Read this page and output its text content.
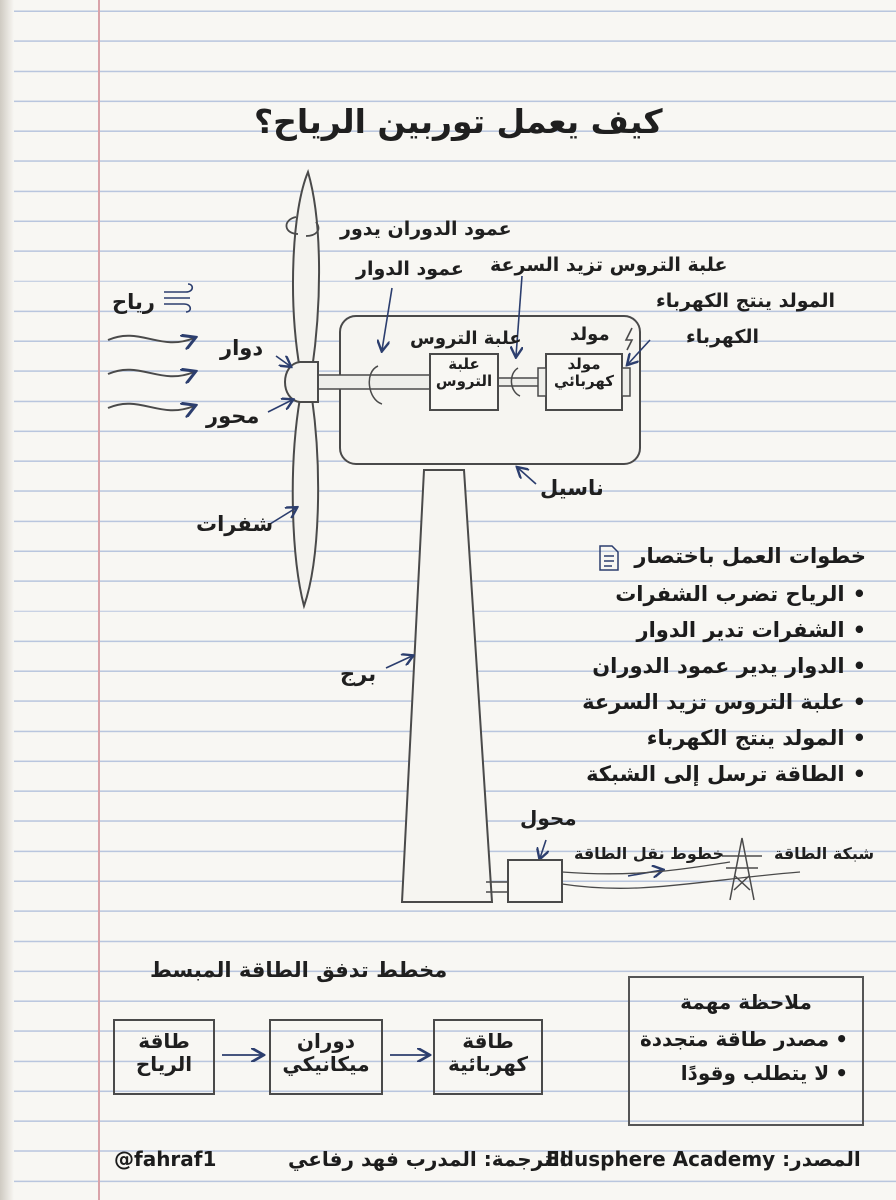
كيف يعمل توربين الرياح؟
عمود الدوران يدور
عمود الدوار علبة التروس تزيد السرعة
المولد ينتج الكهرباء
الكهرباء
رياح
دوار
محور
شفرات
علبة التروس	مولد
ناسيل
برج
محول
خطوط نقل الطاقة	شبكة الطاقة
علبة
التروس
مولد
كهربائي
خطوات العمل باختصار
• الرياح تضرب الشفرات
• الشفرات تدير الدوار
• الدوار يدير عمود الدوران
• علبة التروس تزيد السرعة
• المولد ينتج الكهرباء
• الطاقة ترسل إلى الشبكة
مخطط تدفق الطاقة المبسط
طاقة
الرياح
دوران
ميكانيكي
طاقة
كهربائية
ملاحظة مهمة
• مصدر طاقة متجددة
• لا يتطلب وقودًا
@fahraf1	الترجمة: المدرب فهد رفاعي
المصدر: Edusphere Academy
